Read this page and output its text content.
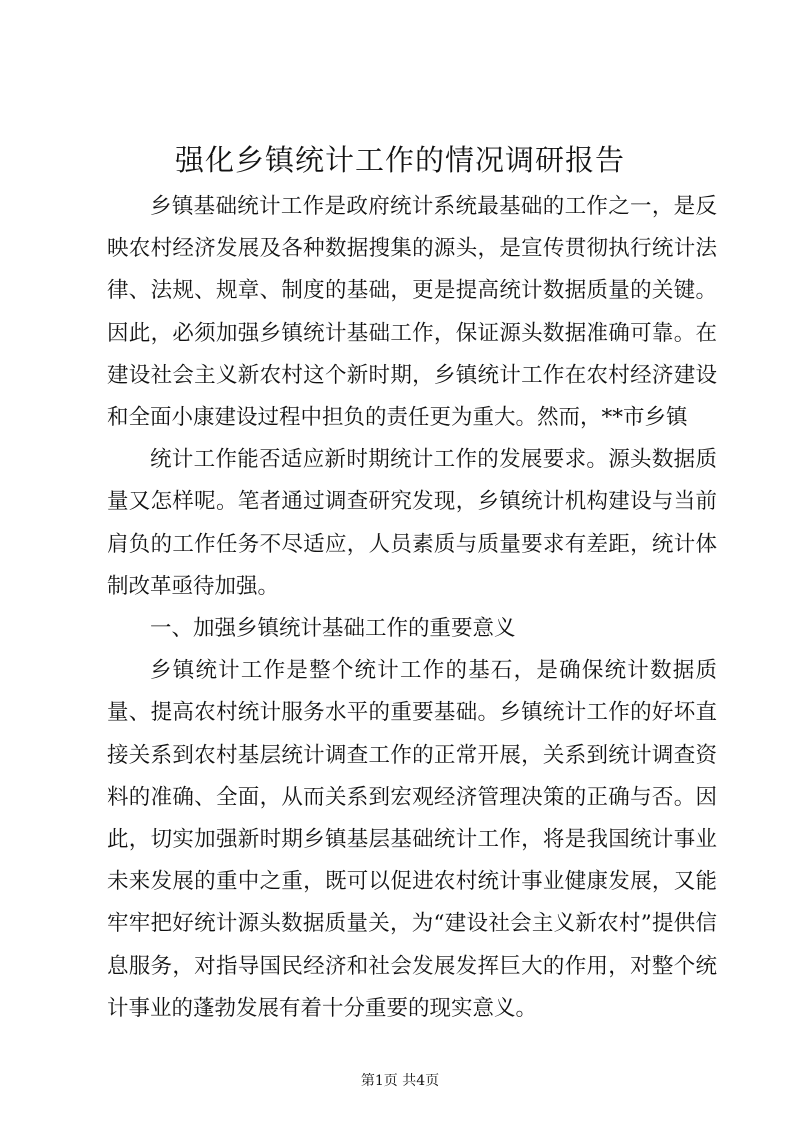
强化乡镇统计工作的情况调研报告

乡镇基础统计工作是政府统计系统最基础的工作之一，是反映农村经济发展及各种数据搜集的源头，是宣传贯彻执行统计法律、法规、规章、制度的基础，更是提高统计数据质量的关键。因此，必须加强乡镇统计基础工作，保证源头数据准确可靠。在建设社会主义新农村这个新时期，乡镇统计工作在农村经济建设和全面小康建设过程中担负的责任更为重大。然而，**市乡镇

统计工作能否适应新时期统计工作的发展要求。源头数据质量又怎样呢。笔者通过调查研究发现，乡镇统计机构建设与当前肩负的工作任务不尽适应，人员素质与质量要求有差距，统计体制改革亟待加强。

一、加强乡镇统计基础工作的重要意义

乡镇统计工作是整个统计工作的基石，是确保统计数据质量、提高农村统计服务水平的重要基础。乡镇统计工作的好坏直接关系到农村基层统计调查工作的正常开展，关系到统计调查资料的准确、全面，从而关系到宏观经济管理决策的正确与否。因此，切实加强新时期乡镇基层基础统计工作，将是我国统计事业未来发展的重中之重，既可以促进农村统计事业健康发展，又能牢牢把好统计源头数据质量关，为“建设社会主义新农村”提供信息服务，对指导国民经济和社会发展发挥巨大的作用，对整个统计事业的蓬勃发展有着十分重要的现实意义。

第1页 共4页
